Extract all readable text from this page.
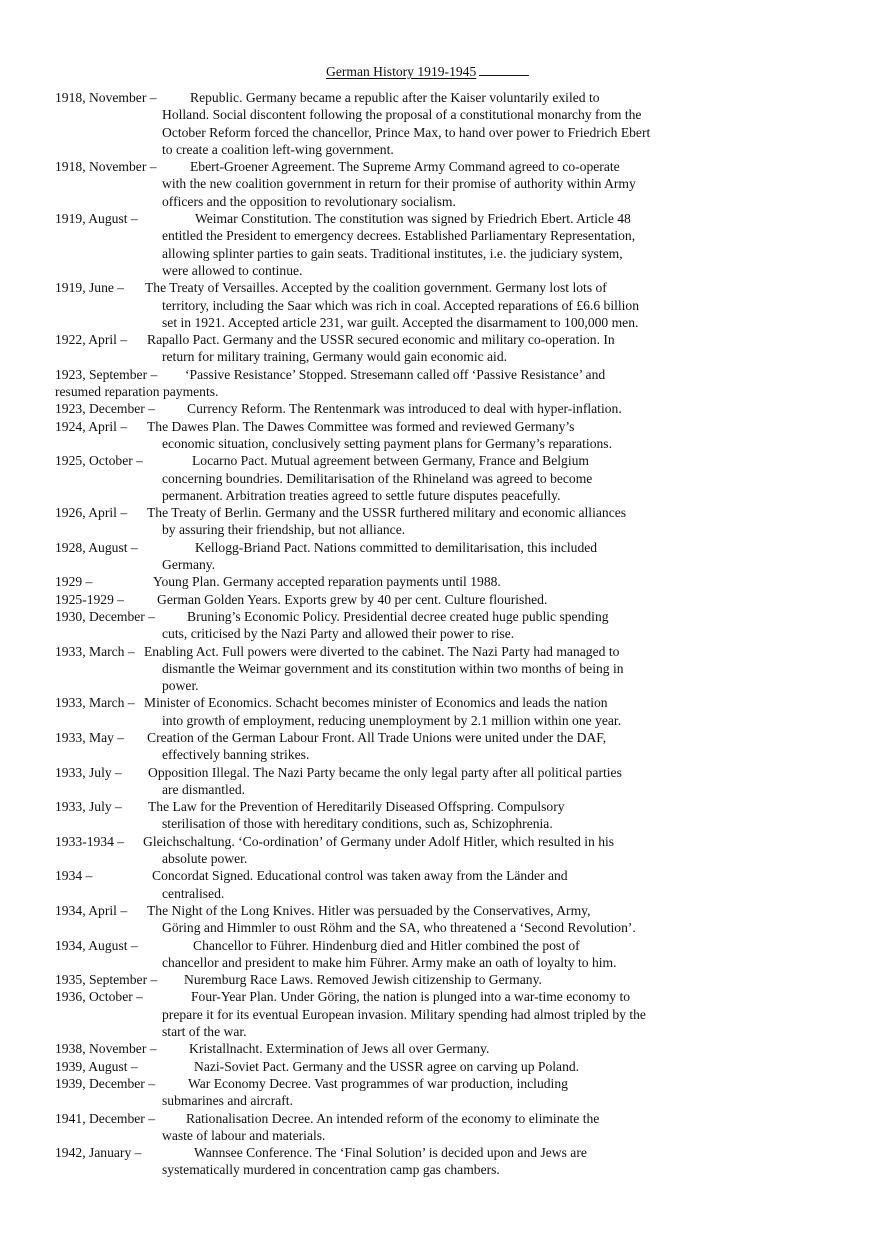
German History 1919-1945
1918, November – Republic. Germany became a republic after the Kaiser voluntarily exiled to
Holland. Social discontent following the proposal of a constitutional monarchy from the
October Reform forced the chancellor, Prince Max, to hand over power to Friedrich Ebert
to create a coalition left-wing government.
1918, November – Ebert-Groener Agreement. The Supreme Army Command agreed to co-operate
with the new coalition government in return for their promise of authority within Army
officers and the opposition to revolutionary socialism.
1919, August –	Weimar Constitution. The constitution was signed by Friedrich Ebert. Article 48
entitled the President to emergency decrees. Established Parliamentary Representation,
allowing splinter parties to gain seats. Traditional institutes, i.e. the judiciary system,
were allowed to continue.
1919, June – The Treaty of Versailles. Accepted by the coalition government. Germany lost lots of
territory, including the Saar which was rich in coal. Accepted reparations of £6.6 billion
set in 1921. Accepted article 231, war guilt. Accepted the disarmament to 100,000 men.
1922, April – Rapallo Pact. Germany and the USSR secured economic and military co-operation. In
return for military training, Germany would gain economic aid.
1923, September – ‘Passive Resistance’ Stopped. Stresemann called off ‘Passive Resistance’ and
resumed reparation payments.
1923, December – Currency Reform. The Rentenmark was introduced to deal with hyper-inflation.
1924, April – The Dawes Plan. The Dawes Committee was formed and reviewed Germany’s
economic situation, conclusively setting payment plans for Germany’s reparations.
1925, October –	Locarno Pact. Mutual agreement between Germany, France and Belgium
concerning boundries. Demilitarisation of the Rhineland was agreed to become
permanent. Arbitration treaties agreed to settle future disputes peacefully.
1926, April – The Treaty of Berlin. Germany and the USSR furthered military and economic alliances
by assuring their friendship, but not alliance.
1928, August –	Kellogg-Briand Pact. Nations committed to demilitarisation, this included
Germany.
1929 –	Young Plan. Germany accepted reparation payments until 1988.
1925-1929 – German Golden Years. Exports grew by 40 per cent. Culture flourished.
1930, December – Bruning’s Economic Policy. Presidential decree created huge public spending
cuts, criticised by the Nazi Party and allowed their power to rise.
1933, March – Enabling Act. Full powers were diverted to the cabinet. The Nazi Party had managed to
dismantle the Weimar government and its constitution within two months of being in
power.
1933, March – Minister of Economics. Schacht becomes minister of Economics and leads the nation
into growth of employment, reducing unemployment by 2.1 million within one year.
1933, May – Creation of the German Labour Front. All Trade Unions were united under the DAF,
effectively banning strikes.
1933, July – Opposition Illegal. The Nazi Party became the only legal party after all political parties
are dismantled.
1933, July – The Law for the Prevention of Hereditarily Diseased Offspring. Compulsory
sterilisation of those with hereditary conditions, such as, Schizophrenia.
1933-1934 – Gleichschaltung. ‘Co-ordination’ of Germany under Adolf Hitler, which resulted in his
absolute power.
1934 –	Concordat Signed. Educational control was taken away from the Länder and
centralised.
1934, April – The Night of the Long Knives. Hitler was persuaded by the Conservatives, Army,
Göring and Himmler to oust Röhm and the SA, who threatened a ‘Second Revolution’.
1934, August –	Chancellor to Führer. Hindenburg died and Hitler combined the post of
chancellor and president to make him Führer. Army make an oath of loyalty to him.
1935, September – Nuremburg Race Laws. Removed Jewish citizenship to Germany.
1936, October –	Four-Year Plan. Under Göring, the nation is plunged into a war-time economy to
prepare it for its eventual European invasion. Military spending had almost tripled by the
start of the war.
1938, November – Kristallnacht. Extermination of Jews all over Germany.
1939, August –	Nazi-Soviet Pact. Germany and the USSR agree on carving up Poland.
1939, December – War Economy Decree. Vast programmes of war production, including
submarines and aircraft.
1941, December – Rationalisation Decree. An intended reform of the economy to eliminate the
waste of labour and materials.
1942, January –	Wannsee Conference. The ‘Final Solution’ is decided upon and Jews are
systematically murdered in concentration camp gas chambers.
